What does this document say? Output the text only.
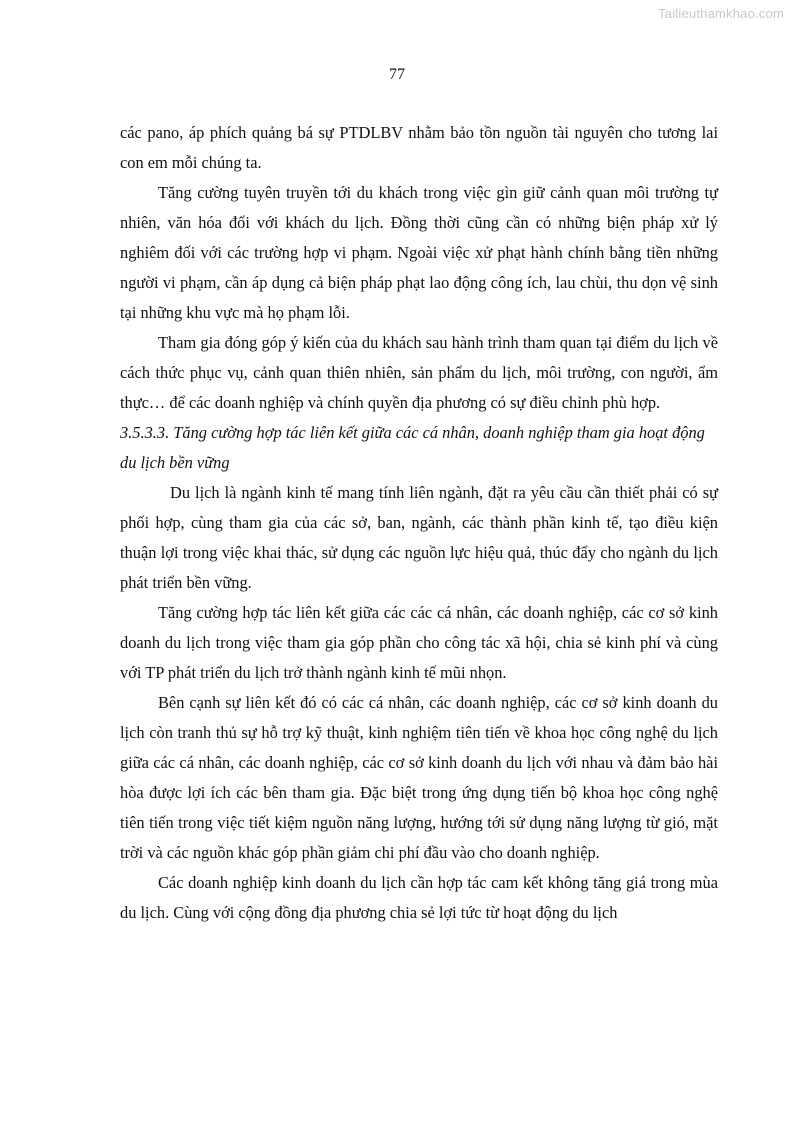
Tailieuthamkhao.com
77

các pano, áp phích quảng bá sự PTDLBV nhằm bảo tồn nguồn tài nguyên cho tương lai con em mỗi chúng ta.

Tăng cường tuyên truyền tới du khách trong việc gìn giữ cảnh quan môi trường tự nhiên, văn hóa đối với khách du lịch. Đồng thời cũng cần có những biện pháp xử lý nghiêm đối với các trường hợp vi phạm. Ngoài việc xử phạt hành chính bằng tiền những người vi phạm, cần áp dụng cả biện pháp phạt lao động công ích, lau chùi, thu dọn vệ sinh tại những khu vực mà họ phạm lỗi.

Tham gia đóng góp ý kiến của du khách sau hành trình tham quan tại điểm du lịch về cách thức phục vụ, cảnh quan thiên nhiên, sản phẩm du lịch, môi trường, con người, ẩm thực… để các doanh nghiệp và chính quyền địa phương có sự điều chỉnh phù hợp.

3.5.3.3. Tăng cường hợp tác liên kết giữa các cá nhân, doanh nghiệp tham gia hoạt động du lịch bền vững

Du lịch là ngành kinh tế mang tính liên ngành, đặt ra yêu cầu cần thiết phải có sự phối hợp, cùng tham gia của các sở, ban, ngành, các thành phần kinh tế, tạo điều kiện thuận lợi trong việc khai thác, sử dụng các nguồn lực hiệu quả, thúc đẩy cho ngành du lịch phát triển bền vững.

Tăng cường hợp tác liên kết giữa các các cá nhân, các doanh nghiệp, các cơ sở kinh doanh du lịch trong việc tham gia góp phần cho công tác xã hội, chia sẻ kinh phí và cùng với TP phát triển du lịch trở thành ngành kinh tế mũi nhọn.

Bên cạnh sự liên kết đó có các cá nhân, các doanh nghiệp, các cơ sở kinh doanh du lịch còn tranh thủ sự hỗ trợ kỹ thuật, kinh nghiệm tiên tiến về khoa học công nghệ du lịch giữa các cá nhân, các doanh nghiệp, các cơ sở kinh doanh du lịch với nhau và đảm bảo hài hòa được lợi ích các bên tham gia. Đặc biệt trong ứng dụng tiến bộ khoa học công nghệ tiên tiến trong việc tiết kiệm nguồn năng lượng, hướng tới sử dụng năng lượng từ gió, mặt trời và các nguồn khác góp phần giảm chi phí đầu vào cho doanh nghiệp.

Các doanh nghiệp kinh doanh du lịch cần hợp tác cam kết không tăng giá trong mùa du lịch. Cùng với cộng đồng địa phương chia sẻ lợi tức từ hoạt động du lịch
